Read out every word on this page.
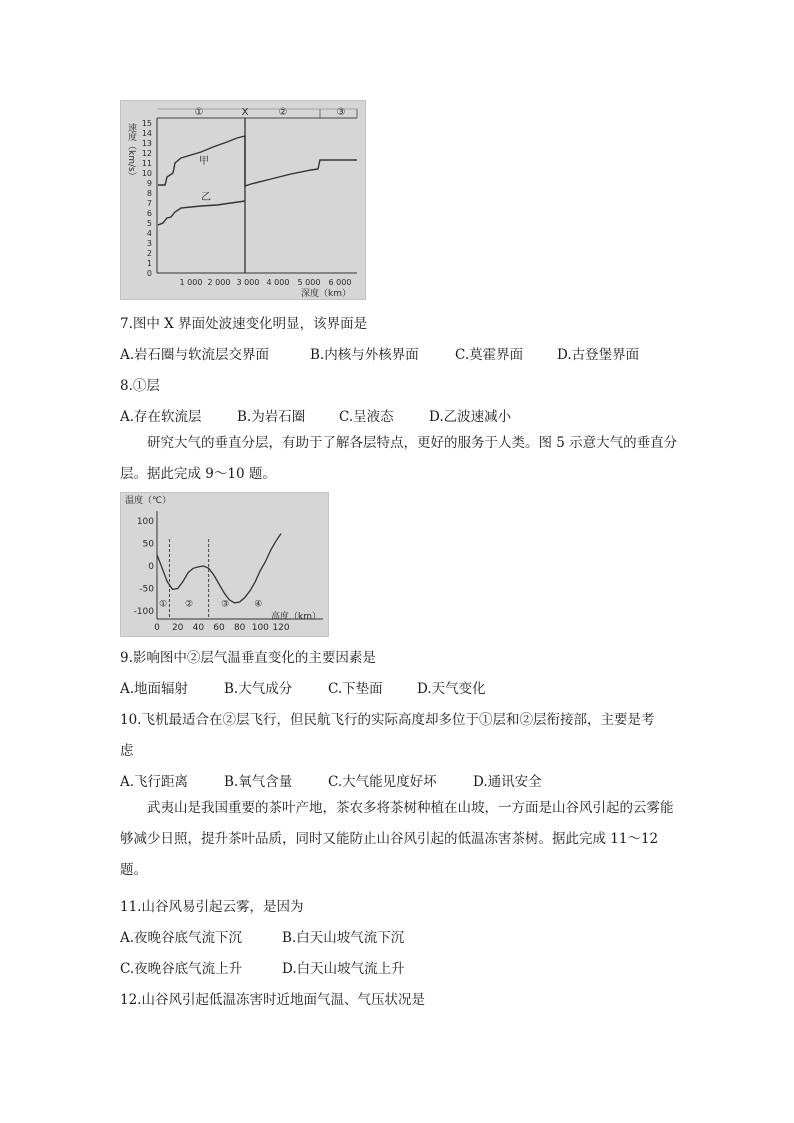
①	X	②	③
0
1
2
3
4
5
6
7
8
9
10
11
12
13
14
15
速度（km/s）
1 000 2 000 3 000 4 000 5 000 6 000
深度（km）
甲
乙
7.图中 X 界面处波速变化明显，该界面是
A.岩石圈与软流层交界面	B.内核与外核界面	C.莫霍界面	D.古登堡界面
8.①层
A.存在软流层	B.为岩石圈	C.呈液态	D.乙波速减小
研究大气的垂直分层，有助于了解各层特点，更好的服务于人类。图 5 示意大气的垂直分层。据此完成 9～10 题。
温度（℃）
100
50
0
-50
-100
0 20 40 60 80 100 120
高度（km）
① ②	③	④
9.影响图中②层气温垂直变化的主要因素是
A.地面辐射	B.大气成分	C.下垫面	D.天气变化
10.飞机最适合在②层飞行，但民航飞行的实际高度却多位于①层和②层衔接部，主要是考
虑
A.飞行距离	B.氧气含量	C.大气能见度好坏	D.通讯安全
武夷山是我国重要的茶叶产地，茶农多将茶树种植在山坡，一方面是山谷风引起的云雾能够减少日照，提升茶叶品质，同时又能防止山谷风引起的低温冻害茶树。据此完成 11～12 题。
11.山谷风易引起云雾，是因为
A.夜晚谷底气流下沉	B.白天山坡气流下沉
C.夜晚谷底气流上升	D.白天山坡气流上升
12.山谷风引起低温冻害时近地面气温、气压状况是
